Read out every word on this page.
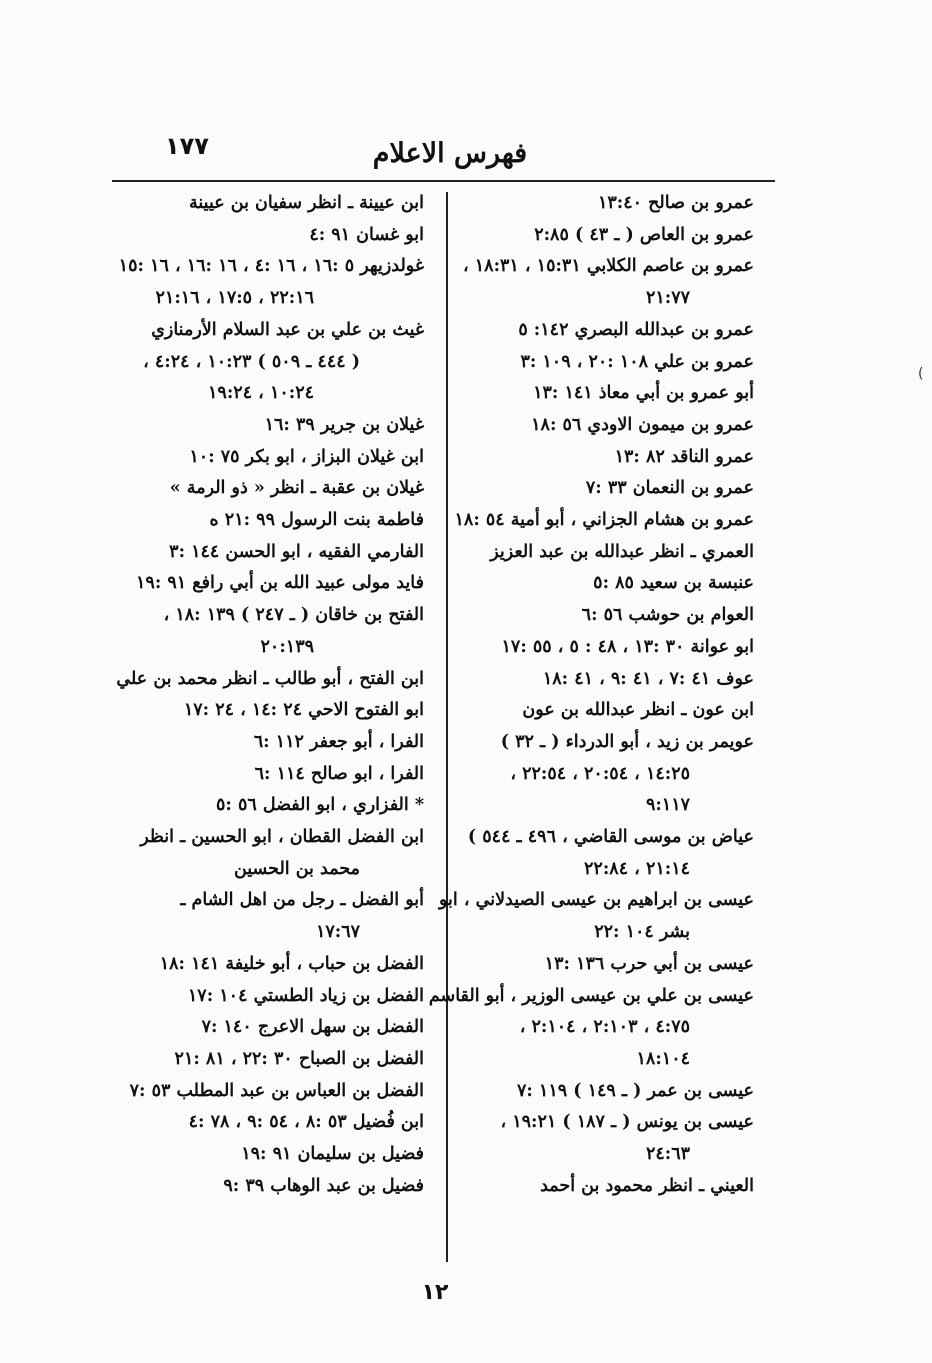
فهرس الاعلام
١٧٧
عمرو بن صالح ١٣:٤٠
عمرو بن العاص ( ـ ٤٣ ) ٢:٨٥
عمرو بن عاصم الكلابي ١٥:٣١ ، ١٨:٣١ ،
٢١:٧٧
عمرو بن عبدالله البصري ١٤٢: ٥
عمرو بن علي ١٠٨ :٢٠ ، ١٠٩ :٣
أبو عمرو بن أبي معاذ ١٤١ :١٣
عمرو بن ميمون الاودي ٥٦ :١٨
عمرو الناقد ٨٢ :١٣
عمرو بن النعمان ٣٣ :٧
عمرو بن هشام الجزاني ، أبو أمية ٥٤ :١٨
العمري ـ انظر عبدالله بن عبد العزيز
عنبسة بن سعيد ٨٥ :٥
العوام بن حوشب ٥٦ :٦
ابو عوانة ٣٠ :١٣ ، ٤٨ : ٥ ، ٥٥ :١٧
عوف ٤١ :٧ ، ٤١ :٩ ، ٤١ :١٨
ابن عون ـ انظر عبدالله بن عون
عويمر بن زيد ، أبو الدرداء ( ـ ٣٢ )
١٤:٢٥ ، ٢٠:٥٤ ، ٢٢:٥٤ ،
٩:١١٧
عياض بن موسى القاضي ، ٤٩٦ ـ ٥٤٤ )
٢١:١٤ ، ٢٢:٨٤
عيسى بن ابراهيم بن عيسى الصيدلاني ، ابو
بشر ١٠٤ :٢٢
عيسى بن أبي حرب ١٣٦ :١٣
عيسى بن علي بن عيسى الوزير ، أبو القاسم
٤:٧٥ ، ٢:١٠٣ ، ٢:١٠٤ ،
١٨:١٠٤
عيسى بن عمر ( ـ ١٤٩ ) ١١٩ :٧
عيسى بن يونس ( ـ ١٨٧ ) ١٩:٢١ ،
٢٤:٦٣
العيني ـ انظر محمود بن أحمد
ابن عيينة ـ انظر سفيان بن عيينة
ابو غسان ٩١ :٤
غولدزيهر ٥ :١٦ ، ١٦ :٤ ، ١٦ :١٦ ، ١٦ :١٥
٢٢:١٦ ، ١٧:٥ ، ٢١:١٦
غيث بن علي بن عبد السلام الأرمنازي
( ٤٤٤ ـ ٥٠٩ ) ١٠:٢٣ ، ٤:٢٤ ،
١٠:٢٤ ، ١٩:٢٤
غيلان بن جرير ٣٩ :١٦
ابن غيلان البزاز ، ابو بكر ٧٥ :١٠
غيلان بن عقبة ـ انظر « ذو الرمة »
فاطمة بنت الرسول ٩٩ :٢١ ه
الفارمي الفقيه ، ابو الحسن ١٤٤ :٣
فايد مولى عبيد الله بن أبي رافع ٩١ :١٩
الفتح بن خاقان ( ـ ٢٤٧ ) ١٣٩ :١٨ ،
٢٠:١٣٩
ابن الفتح ، أبو طالب ـ انظر محمد بن علي
ابو الفتوح الاحي ٢٤ :١٤ ، ٢٤ :١٧
الفرا ، أبو جعفر ١١٢ :٦
الفرا ، ابو صالح ١١٤ :٦
* الفزاري ، ابو الفضل ٥٦ :٥
ابن الفضل القطان ، ابو الحسين ـ انظر
محمد بن الحسين
أبو الفضل ـ رجل من اهل الشام ـ
١٧:٦٧
الفضل بن حباب ، أبو خليفة ١٤١ :١٨
الفضل بن زياد الطستي ١٠٤ :١٧
الفضل بن سهل الاعرج ١٤٠ :٧
الفضل بن الصباح ٣٠ :٢٢ ، ٨١ :٢١
الفضل بن العباس بن عبد المطلب ٥٣ :٧
ابن فُضيل ٥٣ :٨ ، ٥٤ :٩ ، ٧٨ :٤
فضيل بن سليمان ٩١ :١٩
فضيل بن عبد الوهاب ٣٩ :٩
١٢
(
